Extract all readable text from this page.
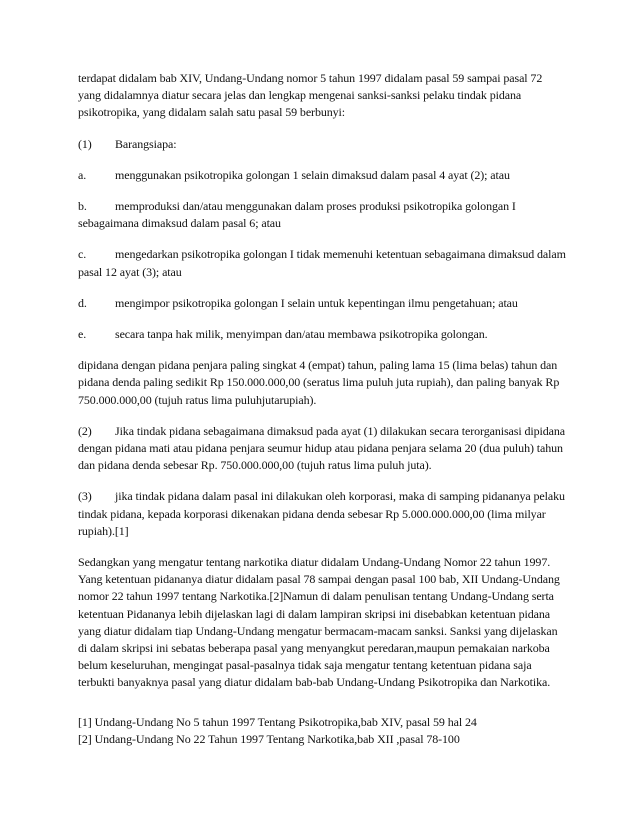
terdapat didalam bab XIV, Undang-Undang nomor 5 tahun 1997 didalam pasal 59 sampai pasal 72 yang didalamnya diatur secara jelas dan lengkap mengenai sanksi-sanksi pelaku tindak pidana psikotropika, yang didalam salah satu pasal 59 berbunyi:

(1)	Barangsiapa:
a.	menggunakan psikotropika golongan 1 selain dimaksud dalam pasal 4 ayat (2); atau
b. memproduksi dan/atau menggunakan dalam proses produksi psikotropika golongan I sebagaimana dimaksud dalam pasal 6; atau
c. mengedarkan psikotropika golongan I tidak memenuhi ketentuan sebagaimana dimaksud dalam pasal 12 ayat (3); atau
d.	mengimpor psikotropika golongan I selain untuk kepentingan ilmu pengetahuan; atau
e.	secara tanpa hak milik, menyimpan dan/atau membawa psikotropika golongan.

dipidana dengan pidana penjara paling singkat 4 (empat) tahun, paling lama 15 (lima belas) tahun dan pidana denda paling sedikit Rp 150.000.000,00 (seratus lima puluh juta rupiah), dan paling banyak Rp 750.000.000,00 (tujuh ratus lima puluhjutarupiah).

(2) Jika tindak pidana sebagaimana dimaksud pada ayat (1) dilakukan secara terorganisasi dipidana dengan pidana mati atau pidana penjara seumur hidup atau pidana penjara selama 20 (dua puluh) tahun dan pidana denda sebesar Rp. 750.000.000,00 (tujuh ratus lima puluh juta).
(3) jika tindak pidana dalam pasal ini dilakukan oleh korporasi, maka di samping pidananya pelaku tindak pidana, kepada korporasi dikenakan pidana denda sebesar Rp 5.000.000.000,00 (lima milyar rupiah).[1]

Sedangkan yang mengatur tentang narkotika diatur didalam Undang-Undang Nomor 22 tahun 1997. Yang ketentuan pidananya diatur didalam pasal 78 sampai dengan pasal 100 bab, XII Undang-Undang nomor 22 tahun 1997 tentang Narkotika.[2]Namun di dalam penulisan tentang Undang-Undang serta ketentuan Pidananya lebih dijelaskan lagi di dalam lampiran skripsi ini disebabkan ketentuan pidana yang diatur didalam tiap Undang-Undang mengatur bermacam-macam sanksi. Sanksi yang dijelaskan di dalam skripsi ini sebatas beberapa pasal yang menyangkut peredaran,maupun pemakaian narkoba belum keseluruhan, mengingat pasal-pasalnya tidak saja mengatur tentang ketentuan pidana saja terbukti banyaknya pasal yang diatur didalam bab-bab Undang-Undang Psikotropika dan Narkotika.

[1] Undang-Undang No 5 tahun 1997 Tentang Psikotropika,bab XIV, pasal 59 hal 24

[2] Undang-Undang No 22 Tahun 1997 Tentang Narkotika,bab XII ,pasal 78-100
